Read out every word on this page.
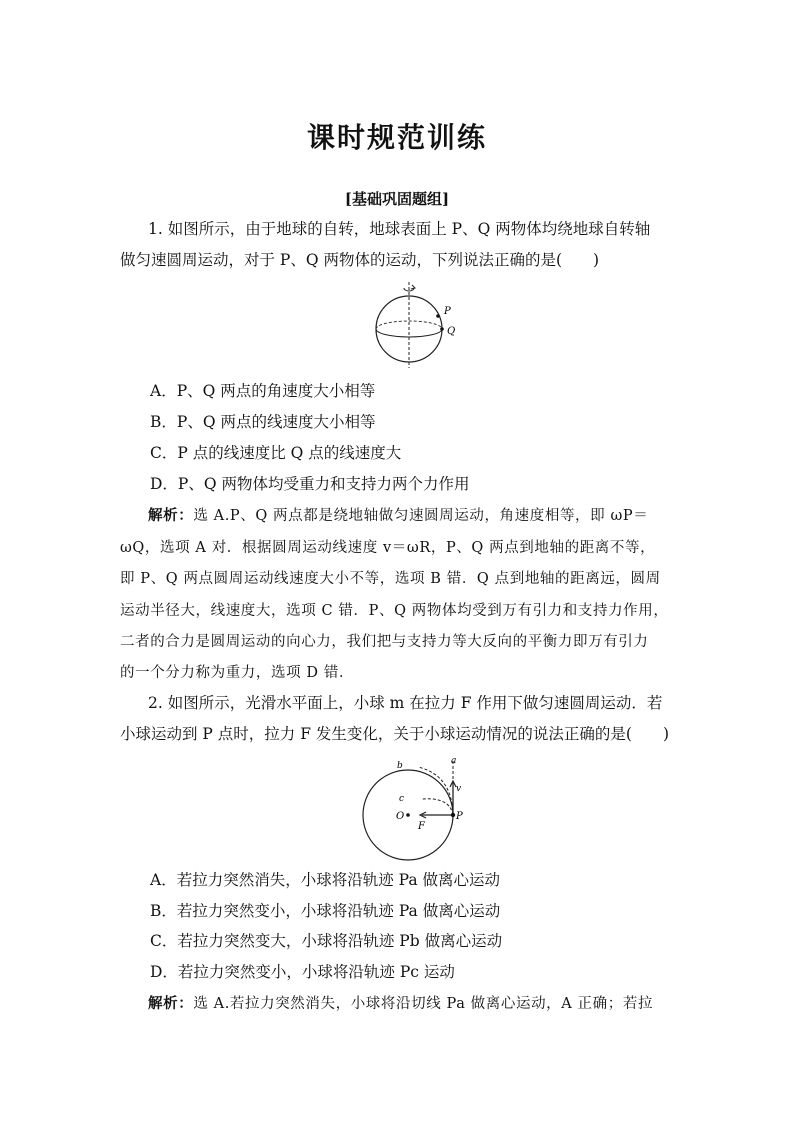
课时规范训练
[基础巩固题组]
1. 如图所示，由于地球的自转，地球表面上 P、Q 两物体均绕地球自转轴
做匀速圆周运动，对于 P、Q 两物体的运动，下列说法正确的是(　　)
P
Q
A．P、Q 两点的角速度大小相等
B．P、Q 两点的线速度大小相等
C．P 点的线速度比 Q 点的线速度大
D．P、Q 两物体均受重力和支持力两个力作用
解析：选 A.P、Q 两点都是绕地轴做匀速圆周运动，角速度相等，即 ωP＝
ωQ，选项 A 对．根据圆周运动线速度 v＝ωR，P、Q 两点到地轴的距离不等，
即 P、Q 两点圆周运动线速度大小不等，选项 B 错．Q 点到地轴的距离远，圆周
运动半径大，线速度大，选项 C 错．P、Q 两物体均受到万有引力和支持力作用，
二者的合力是圆周运动的向心力，我们把与支持力等大反向的平衡力即万有引力
的一个分力称为重力，选项 D 错．
2. 如图所示，光滑水平面上，小球 m 在拉力 F 作用下做匀速圆周运动．若
小球运动到 P 点时，拉力 F 发生变化，关于小球运动情况的说法正确的是(　　)
a
b
c
v
O
F
P
A．若拉力突然消失，小球将沿轨迹 Pa 做离心运动
B．若拉力突然变小，小球将沿轨迹 Pa 做离心运动
C．若拉力突然变大，小球将沿轨迹 Pb 做离心运动
D．若拉力突然变小，小球将沿轨迹 Pc 运动
解析：选 A.若拉力突然消失，小球将沿切线 Pa 做离心运动，A 正确；若拉
